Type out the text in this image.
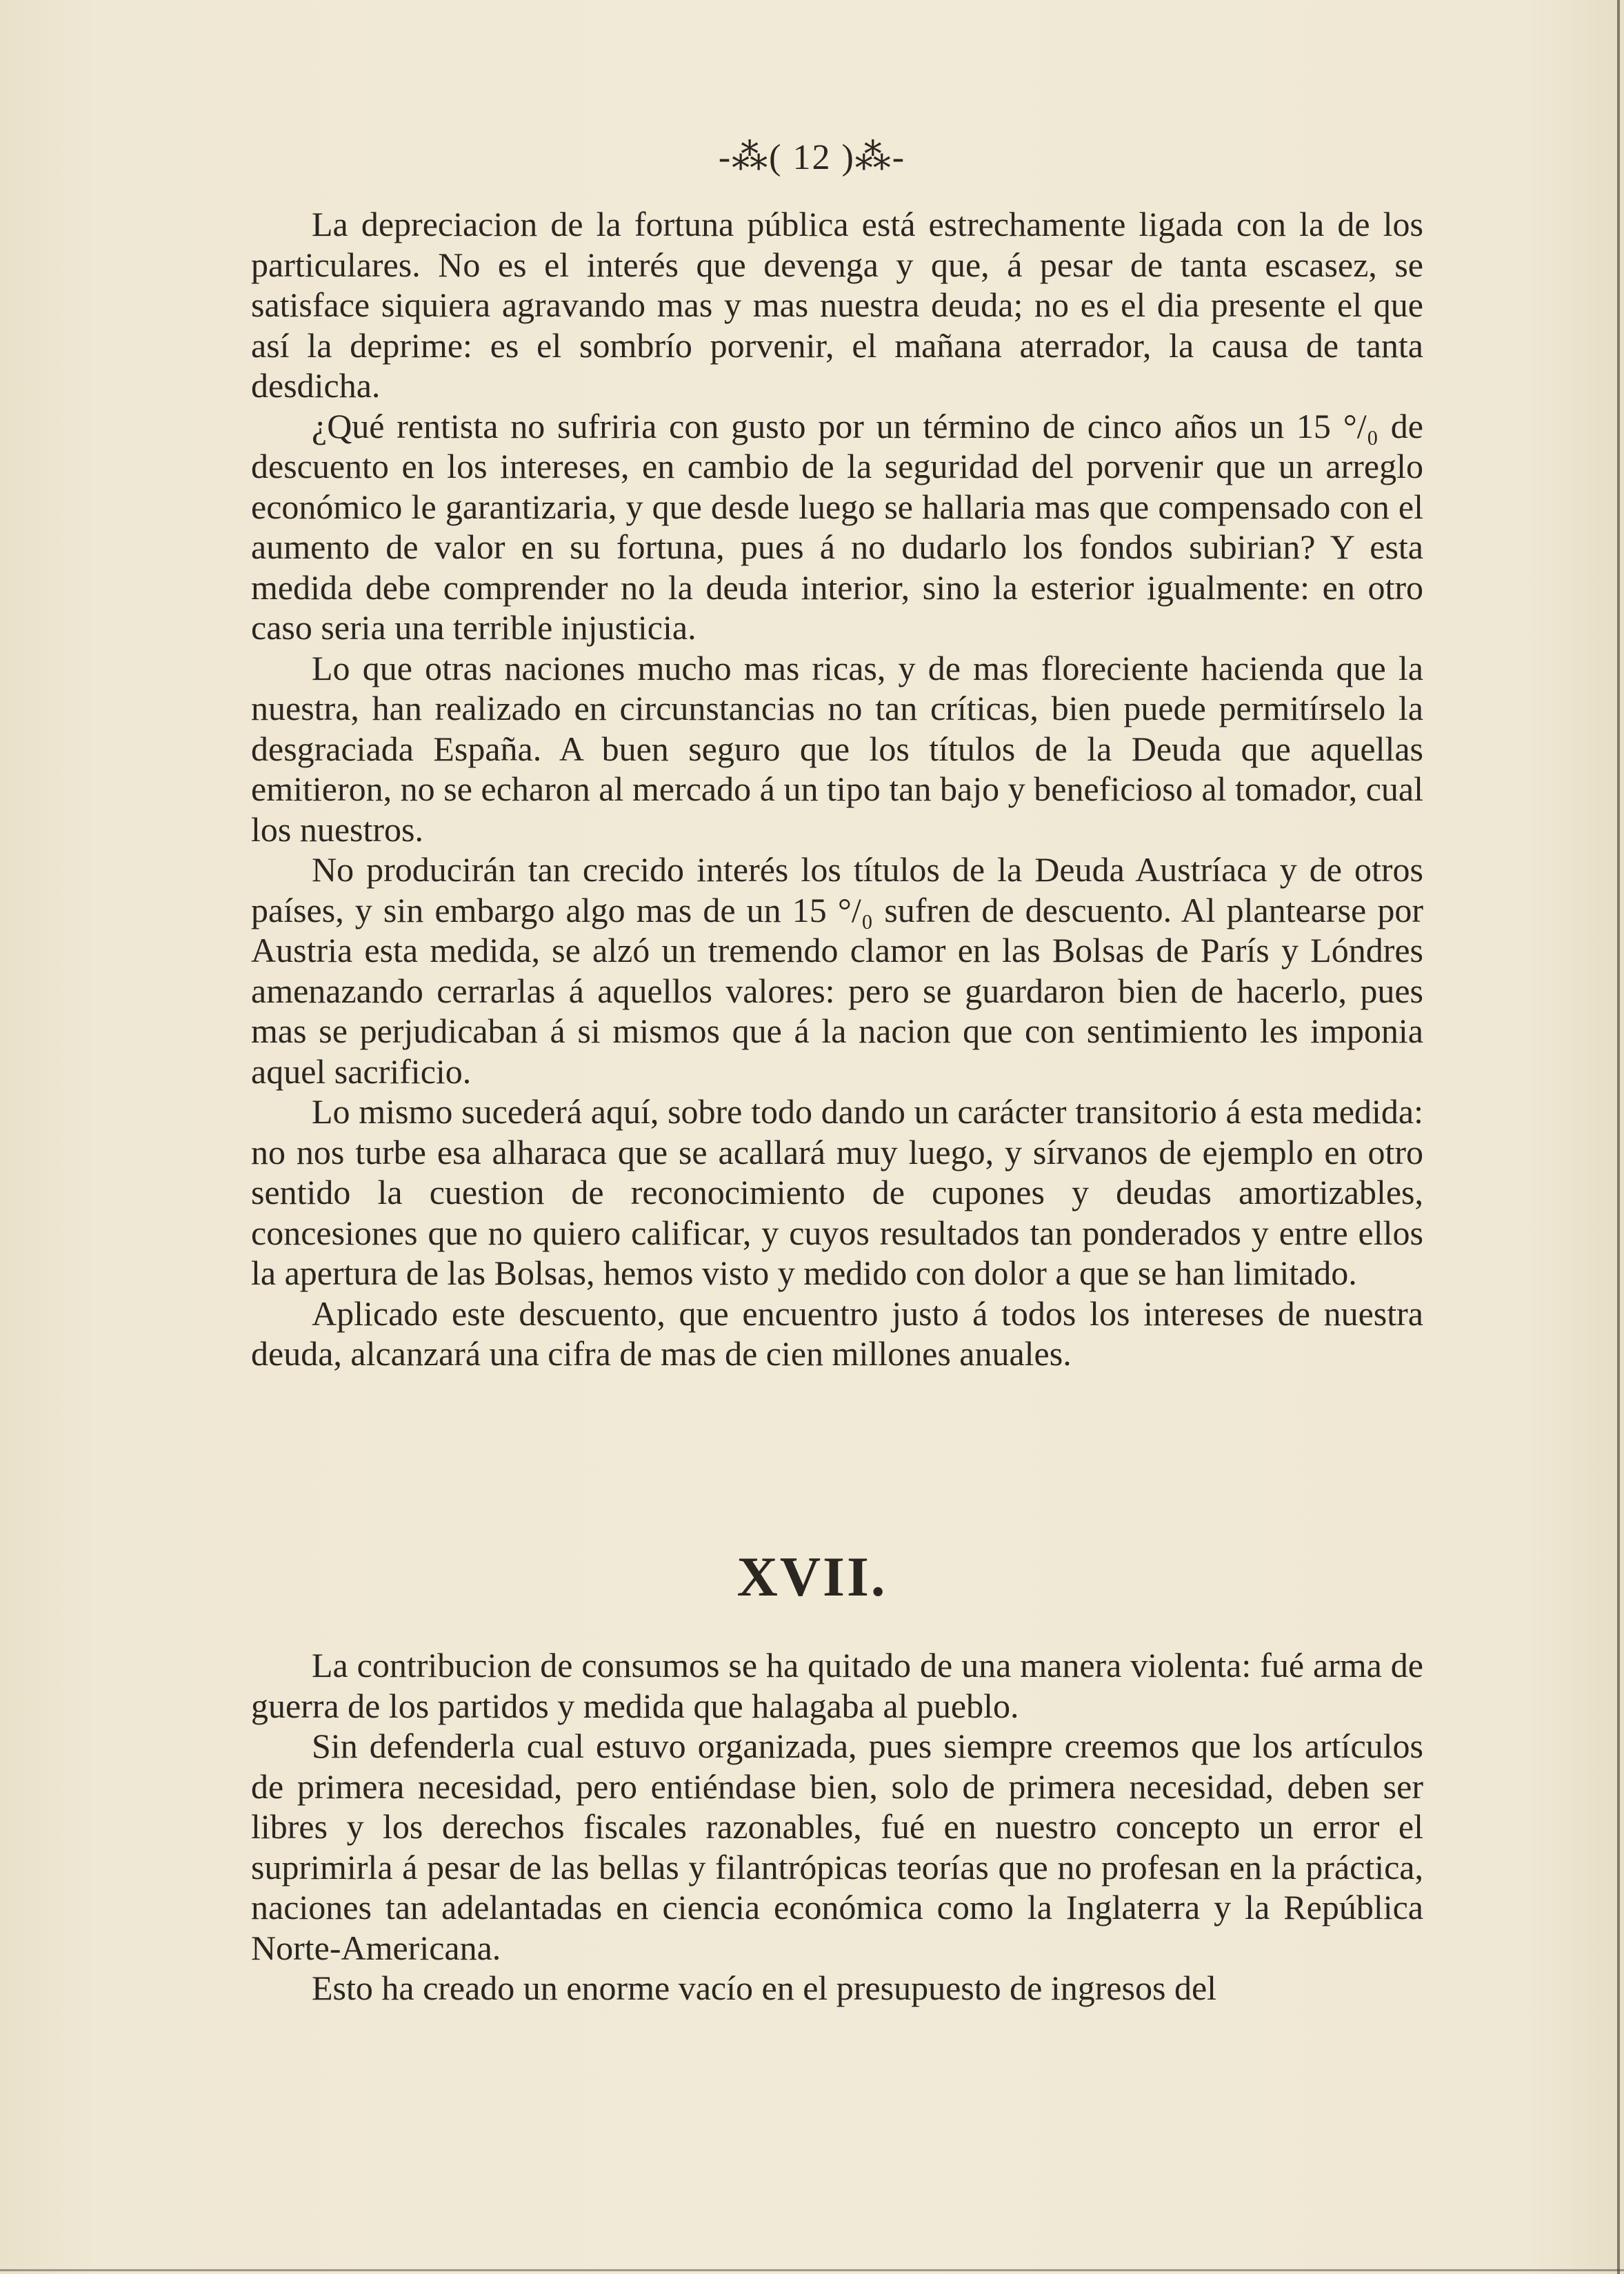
-⁂( 12 )⁂-

La depreciacion de la fortuna pública está estrechamente ligada con la de los particulares. No es el interés que devenga y que, á pesar de tanta escasez, se satisface siquiera agravando mas y mas nuestra deuda; no es el dia presente el que así la deprime: es el sombrío porvenir, el mañana aterrador, la causa de tanta desdicha.

¿Qué rentista no sufriria con gusto por un término de cinco años un 15 °/₀ de descuento en los intereses, en cambio de la seguridad del porvenir que un arreglo económico le garantizaria, y que desde luego se hallaria mas que compensado con el aumento de valor en su fortuna, pues á no dudarlo los fondos subirian? Y esta medida debe comprender no la deuda interior, sino la esterior igualmente: en otro caso seria una terrible injusticia.

Lo que otras naciones mucho mas ricas, y de mas floreciente hacienda que la nuestra, han realizado en circunstancias no tan críticas, bien puede permitírselo la desgraciada España. A buen seguro que los títulos de la Deuda que aquellas emitieron, no se echaron al mercado á un tipo tan bajo y beneficioso al tomador, cual los nuestros.

No producirán tan crecido interés los títulos de la Deuda Austríaca y de otros países, y sin embargo algo mas de un 15 °/₀ sufren de descuento. Al plantearse por Austria esta medida, se alzó un tremendo clamor en las Bolsas de París y Lóndres amenazando cerrarlas á aquellos valores: pero se guardaron bien de hacerlo, pues mas se perjudicaban á si mismos que á la nacion que con sentimiento les imponia aquel sacrificio.

Lo mismo sucederá aquí, sobre todo dando un carácter transitorio á esta medida: no nos turbe esa alharaca que se acallará muy luego, y sírvanos de ejemplo en otro sentido la cuestion de reconocimiento de cupones y deudas amortizables, concesiones que no quiero calificar, y cuyos resultados tan ponderados y entre ellos la apertura de las Bolsas, hemos visto y medido con dolor a que se han limitado.

Aplicado este descuento, que encuentro justo á todos los intereses de nuestra deuda, alcanzará una cifra de mas de cien millones anuales.

XVII.

La contribucion de consumos se ha quitado de una manera violenta: fué arma de guerra de los partidos y medida que halagaba al pueblo.

Sin defenderla cual estuvo organizada, pues siempre creemos que los artículos de primera necesidad, pero entiéndase bien, solo de primera necesidad, deben ser libres y los derechos fiscales razonables, fué en nuestro concepto un error el suprimirla á pesar de las bellas y filantrópicas teorías que no profesan en la práctica, naciones tan adelantadas en ciencia económica como la Inglaterra y la República Norte-Americana.

Esto ha creado un enorme vacío en el presupuesto de ingresos del
